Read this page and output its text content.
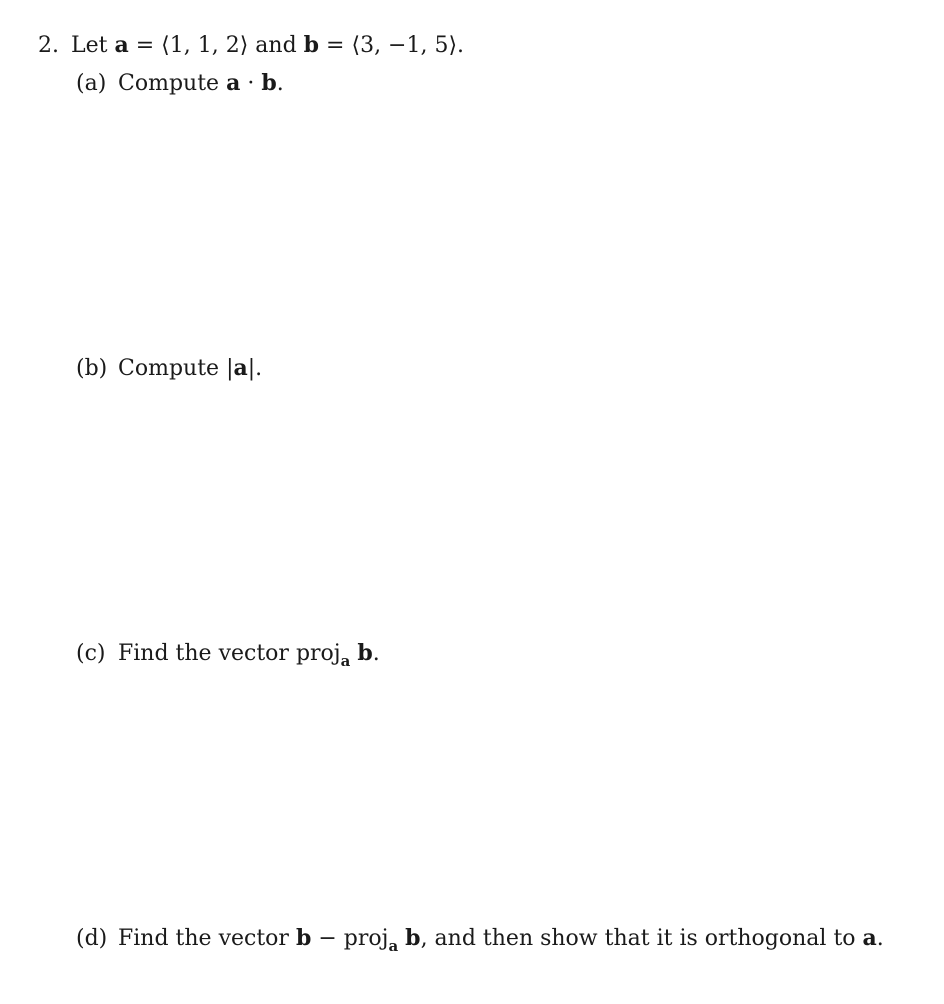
2. Let a = ⟨1, 1, 2⟩ and b = ⟨3, −1, 5⟩.
(a) Compute a · b.
(b) Compute |a|.
(c) Find the vector proj$_a$ b.
(d) Find the vector b − proj$_a$ b, and then show that it is orthogonal to a.
